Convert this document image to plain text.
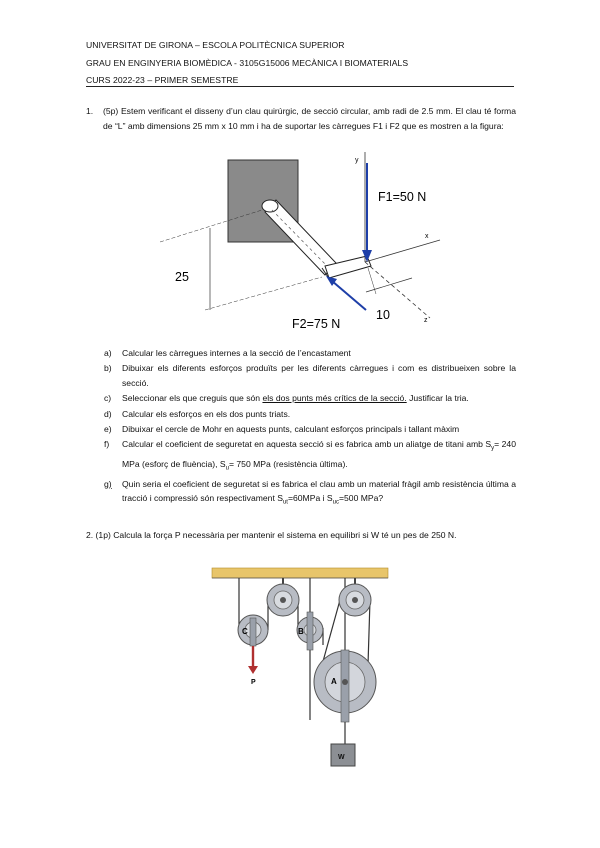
UNIVERSITAT DE GIRONA – ESCOLA POLITÈCNICA SUPERIOR
GRAU EN ENGINYERIA BIOMÈDICA - 3105G15006 MECÀNICA I BIOMATERIALS
CURS 2022-23 – PRIMER SEMESTRE
1. (5p) Estem verificant el disseny d’un clau quirúrgic, de secció circular, amb radi de 2.5 mm. El clau té forma de “L” amb dimensions 25 mm x 10 mm i ha de suportar les càrregues F1 i F2 que es mostren a la figura:
y
x
z
F1=50 N
F2=75 N
25
10
a) Calcular les càrregues internes a la secció de l’encastament
b) Dibuixar els diferents esforços produïts per les diferents càrregues i com es distribueixen sobre la secció.
c) Seleccionar els que creguis que són els dos punts més crítics de la secció. Justificar la tria.
d) Calcular els esforços en els dos punts triats.
e) Dibuixar el cercle de Mohr en aquests punts, calculant esforços principals i tallant màxim
f) Calcular el coeficient de seguretat en aquesta secció si es fabrica amb un aliatge de titani amb $S_y= 240$ MPa (esforç de fluència), $S_u= 750$ MPa (resistència última).
g) Quin seria el coeficient de seguretat si es fabrica el clau amb un material fràgil amb resistència última a tracció i compressió són respectivament $S_{ut}=60MPa$ i $S_{uc}=500$ MPa?
2. (1p) Calcula la força P necessària per mantenir el sistema en equilibri si W té un pes de 250 N.
C
P
B
A
W
